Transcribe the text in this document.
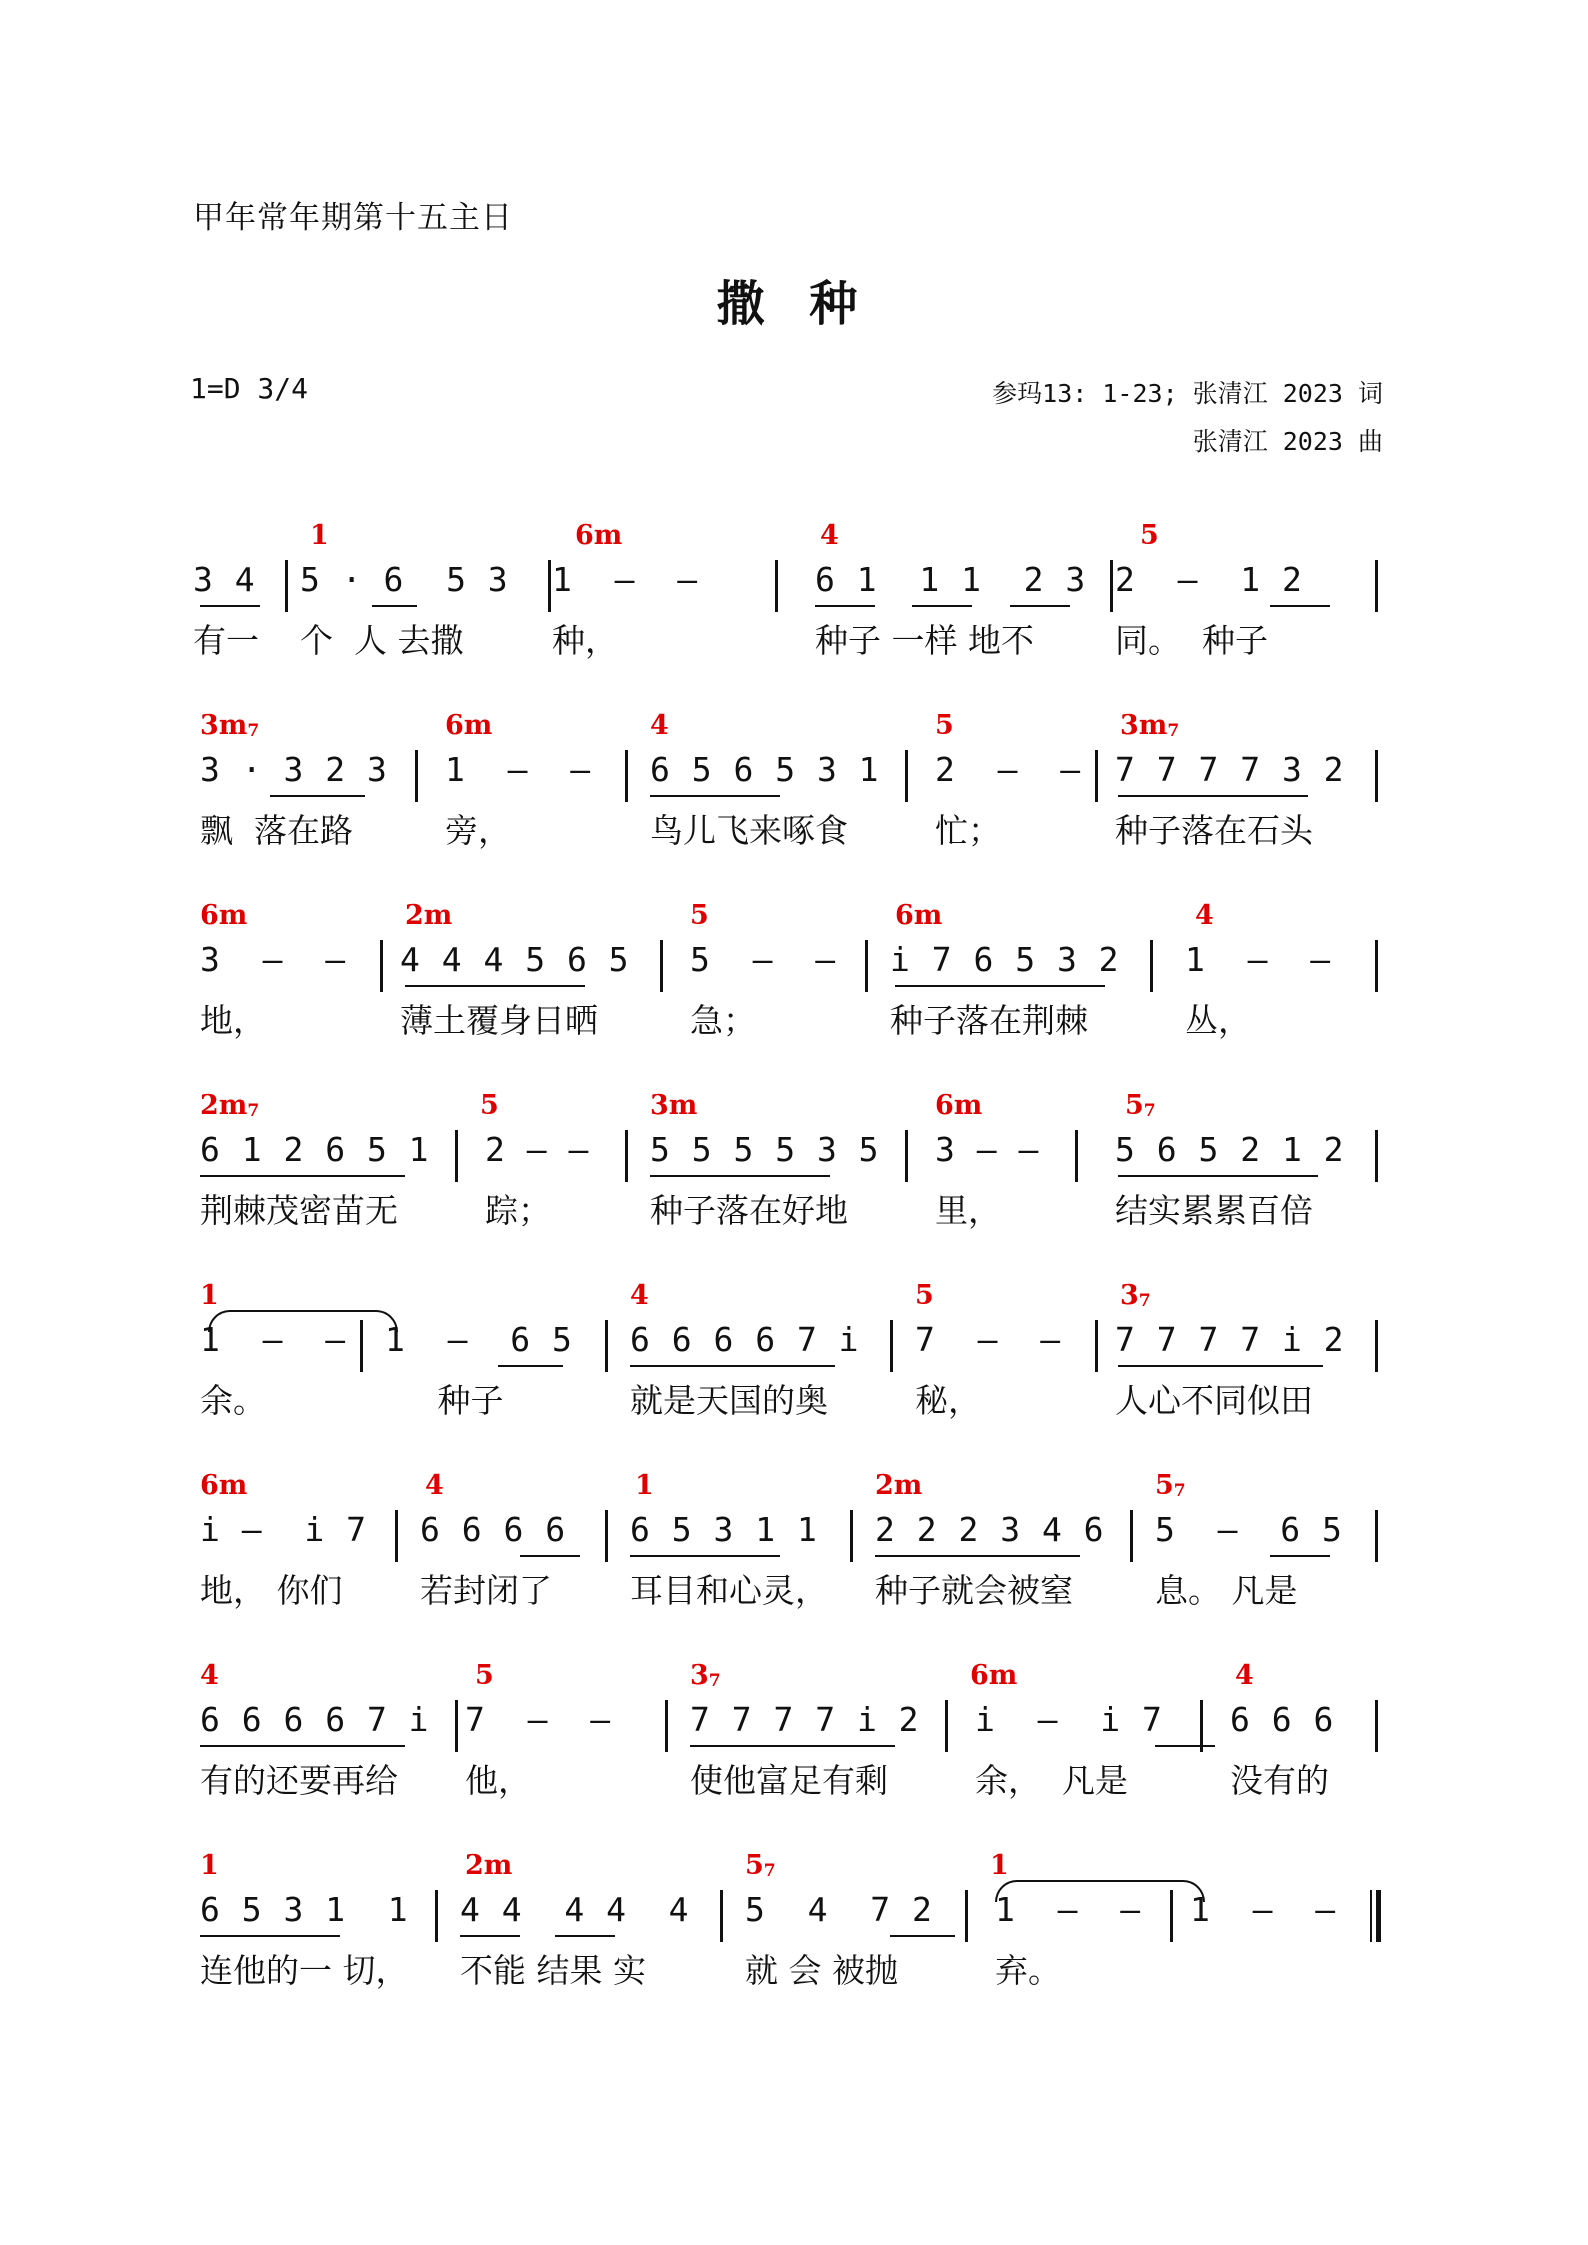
甲年常年期第十五主日
撒 种
1=D 3/4	参玛13: 1-23; 张清江 2023 词
张清江 2023 曲
1	6m	4	5
3 4
有一
5 · 6  5 3
个  人 去撒
1  –  –
种，
6 1  1 1  2 3
种子 一样 地不
2  –  1 2
同。  种子
$3m_7$	6m	4	5	$3m_7$
3 · 3 2 3
飘  落在路
1  –  –
旁，
6 5 6 5 3 1
鸟儿飞来啄食
2  –  –
忙；
7 7 7 7 3 2
种子落在石头
6m	2m	5	6m	4
3  –  –
地，
4 4 4 5 6 5
薄土覆身日晒
5  –  –
急；
i 7 6 5 3 2
种子落在荆棘
1  –  –
丛，
$2m_7$	5	3m	6m	$5_7$
6 1 2 6 5 1
荆棘茂密苗无
2 – –
踪；
5 5 5 5 3 5
种子落在好地
3 – –
里，
5 6 5 2 1 2
结实累累百倍
1	4	5	$3_7$
1  –  –
余。
1  –  6 5
种子
6 6 6 6 7 i
就是天国的奥
7  –  –
秘，
7 7 7 7 i 2
人心不同似田
6m	4	1	2m	$5_7$
i –  i 7
地， 你们
6 6 6 6
若封闭了
6 5 3 1 1
耳目和心灵，
2 2 2 3 4 6
种子就会被窒
5  –  6 5
息。 凡是
4	5	$3_7$	6m	4
6 6 6 6 7 i
有的还要再给
7  –  –
他，
7 7 7 7 i 2
使他富足有剩
i  –  i 7
余，  凡是
6 6 6
没有的
1	2m	$5_7$	1
6 5 3 1  1
连他的一 切，
4 4  4 4  4
不能 结果 实
5  4  7 2
就 会 被抛
1  –  –
弃。
1  –  –
